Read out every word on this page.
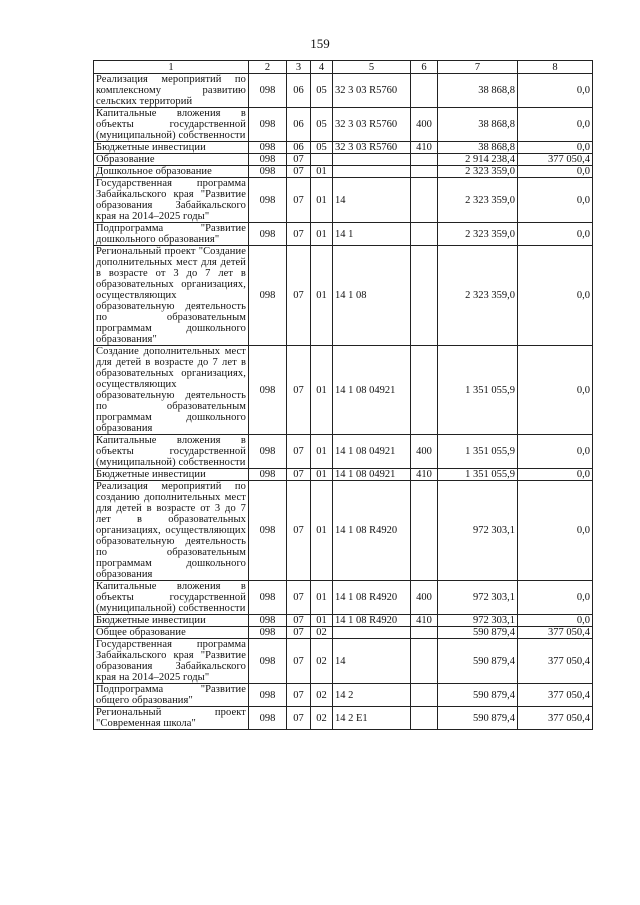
159
1	2	3	4	5	6	7	8
Реализация мероприятий по комплексному развитию сельских территорий	098	06	05	32 3 03 R5760		38 868,8	0,0
Капитальные вложения в объекты государственной (муниципальной) собственности	098	06	05	32 3 03 R5760	400	38 868,8	0,0
Бюджетные инвестиции	098	06	05	32 3 03 R5760	410	38 868,8	0,0
Образование	098	07				2 914 238,4	377 050,4
Дошкольное образование	098	07	01			2 323 359,0	0,0
Государственная программа Забайкальского края "Развитие образования Забайкальского края на 2014–2025 годы"	098	07	01	14		2 323 359,0	0,0
Подпрограмма "Развитие дошкольного образования"	098	07	01	14 1		2 323 359,0	0,0
Региональный проект "Создание дополнительных мест для детей в возрасте от 3 до 7 лет в образовательных организациях, осуществляющих образовательную деятельность по образовательным программам дошкольного образования"	098	07	01	14 1 08		2 323 359,0	0,0
Создание дополнительных мест для детей в возрасте до 7 лет в образовательных организациях, осуществляющих образовательную деятельность по образовательным программам дошкольного образования	098	07	01	14 1 08 04921		1 351 055,9	0,0
Капитальные вложения в объекты государственной (муниципальной) собственности	098	07	01	14 1 08 04921	400	1 351 055,9	0,0
Бюджетные инвестиции	098	07	01	14 1 08 04921	410	1 351 055,9	0,0
Реализация мероприятий по созданию дополнительных мест для детей в возрасте от 3 до 7 лет в образовательных организациях, осуществляющих образовательную деятельность по образовательным программам дошкольного образования	098	07	01	14 1 08 R4920		972 303,1	0,0
Капитальные вложения в объекты государственной (муниципальной) собственности	098	07	01	14 1 08 R4920	400	972 303,1	0,0
Бюджетные инвестиции	098	07	01	14 1 08 R4920	410	972 303,1	0,0
Общее образование	098	07	02			590 879,4	377 050,4
Государственная программа Забайкальского края "Развитие образования Забайкальского края на 2014–2025 годы"	098	07	02	14		590 879,4	377 050,4
Подпрограмма "Развитие общего образования"	098	07	02	14 2		590 879,4	377 050,4
Региональный проект "Современная школа"	098	07	02	14 2 E1		590 879,4	377 050,4
